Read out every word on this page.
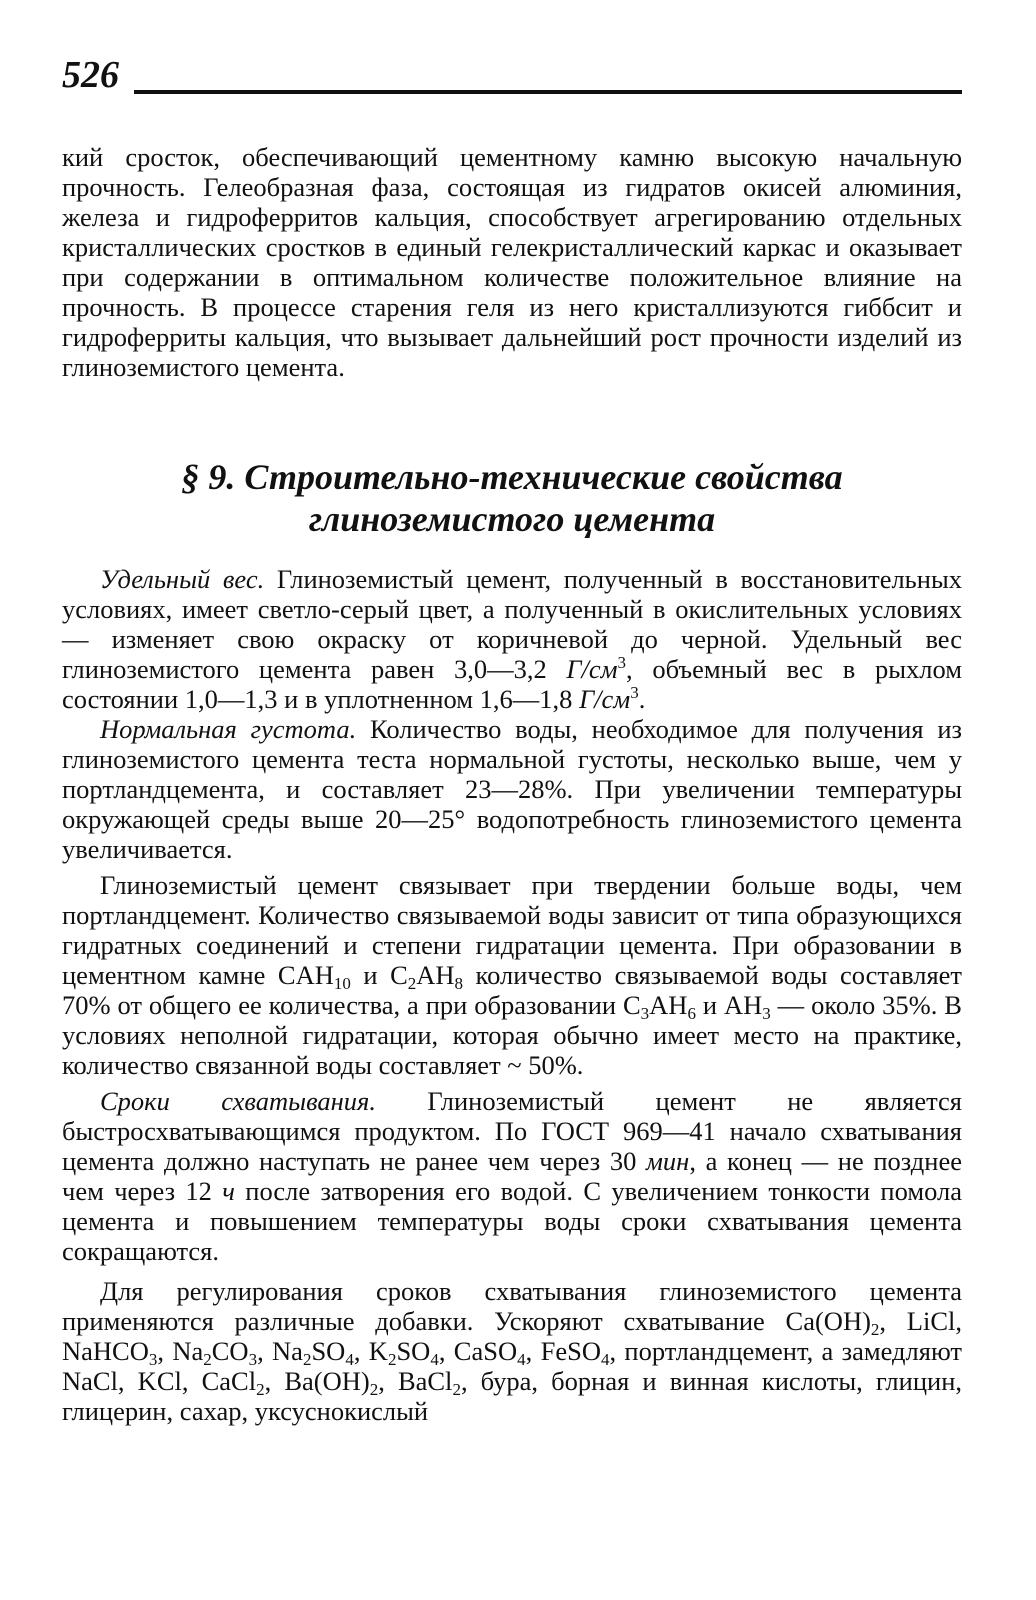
526

кий сросток, обеспечивающий цементному камню высокую начальную прочность. Гелеобразная фаза, состоящая из гидратов окисей алюминия, железа и гидроферритов кальция, способствует агрегированию отдельных кристаллических сростков в единый гелекристаллический каркас и оказывает при содержании в оптимальном количестве положительное влияние на прочность. В процессе старения геля из него кристаллизуются гиббсит и гидроферриты кальция, что вызывает дальнейший рост прочности изделий из глиноземистого цемента.

§ 9. Строительно-технические свойства
глиноземистого цемента

Удельный вес. Глиноземистый цемент, полученный в восстановительных условиях, имеет светло-серый цвет, а полученный в окислительных условиях — изменяет свою окраску от коричневой до черной. Удельный вес глиноземистого цемента равен 3,0—3,2 $Г/см^3$, объемный вес в рыхлом состоянии 1,0—1,3 и в уплотненном 1,6—1,8 $Г/см^3$.

Нормальная густота. Количество воды, необходимое для получения из глиноземистого цемента теста нормальной густоты, несколько выше, чем у портландцемента, и составляет 23—28%. При увеличении температуры окружающей среды выше 20—25° водопотребность глиноземистого цемента увеличивается.

Глиноземистый цемент связывает при твердении больше воды, чем портландцемент. Количество связываемой воды зависит от типа образующихся гидратных соединений и степени гидратации цемента. При образовании в цементном камне $CAH_{10}$ и $C_2AH_8$ количество связываемой воды составляет 70% от общего ее количества, а при образовании $C_3AH_6$ и $AH_3$ — около 35%. В условиях неполной гидратации, которая обычно имеет место на практике, количество связанной воды составляет ~ 50%.

Сроки схватывания. Глиноземистый цемент не является быстросхватывающимся продуктом. По ГОСТ 969—41 начало схватывания цемента должно наступать не ранее чем через 30 мин, а конец — не позднее чем через 12 ч после затворения его водой. С увеличением тонкости помола цемента и повышением температуры воды сроки схватывания цемента сокращаются.

Для регулирования сроков схватывания глиноземистого цемента применяются различные добавки. Ускоряют схватывание $Ca(OH)_2$, LiCl, NaHCO$_3$, $Na_2CO_3$, $Na_2SO_4$, $K_2SO_4$, CaSO$_4$, FeSO$_4$, портландцемент, а замедляют NaCl, KCl, CaCl$_2$, $Ba(OH)_2$, BaCl$_2$, бура, борная и винная кислоты, глицин, глицерин, сахар, уксуснокислый
